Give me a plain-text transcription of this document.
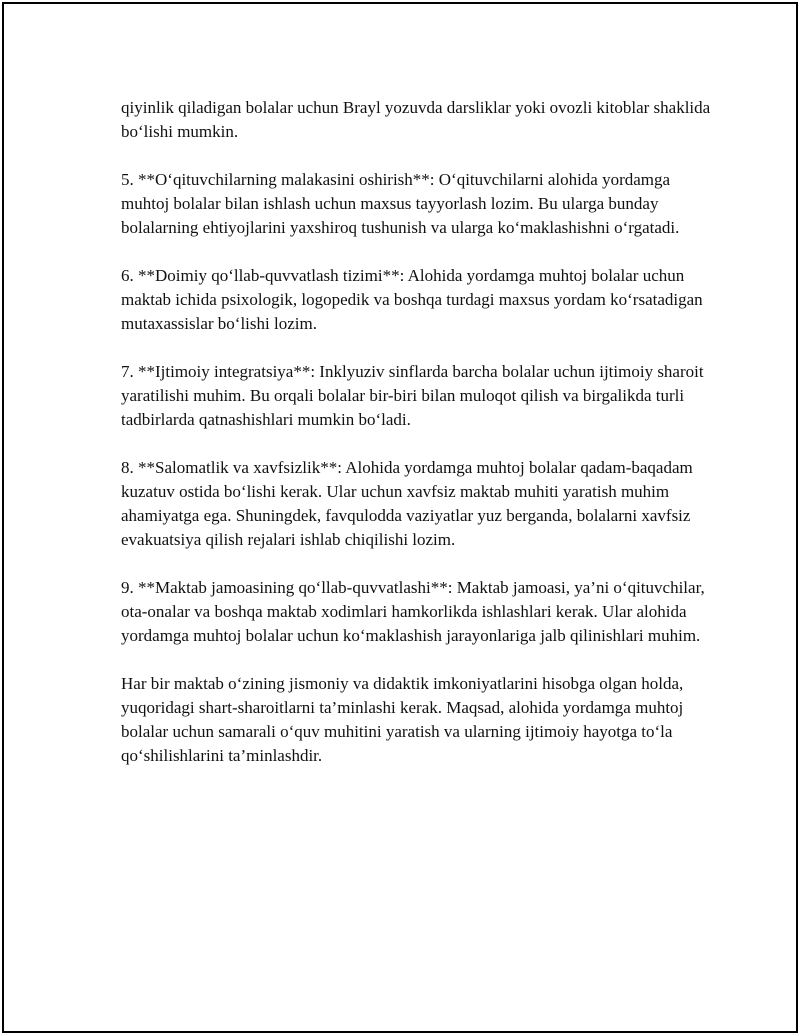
qiyinlik qiladigan bolalar uchun Brayl yozuvda darsliklar yoki ovozli kitoblar shaklida bo‘lishi mumkin.

5. **O‘qituvchilarning malakasini oshirish**: O‘qituvchilarni alohida yordamga muhtoj bolalar bilan ishlash uchun maxsus tayyorlash lozim. Bu ularga bunday bolalarning ehtiyojlarini yaxshiroq tushunish va ularga ko‘maklashishni o‘rgatadi.

6. **Doimiy qo‘llab-quvvatlash tizimi**: Alohida yordamga muhtoj bolalar uchun maktab ichida psixologik, logopedik va boshqa turdagi maxsus yordam ko‘rsatadigan mutaxassislar bo‘lishi lozim.

7. **Ijtimoiy integratsiya**: Inklyuziv sinflarda barcha bolalar uchun ijtimoiy sharoit yaratilishi muhim. Bu orqali bolalar bir-biri bilan muloqot qilish va birgalikda turli tadbirlarda qatnashishlari mumkin bo‘ladi.

8. **Salomatlik va xavfsizlik**: Alohida yordamga muhtoj bolalar qadam-baqadam kuzatuv ostida bo‘lishi kerak. Ular uchun xavfsiz maktab muhiti yaratish muhim ahamiyatga ega. Shuningdek, favqulodda vaziyatlar yuz berganda, bolalarni xavfsiz evakuatsiya qilish rejalari ishlab chiqilishi lozim.

9. **Maktab jamoasining qo‘llab-quvvatlashi**: Maktab jamoasi, ya’ni o‘qituvchilar, ota-onalar va boshqa maktab xodimlari hamkorlikda ishlashlari kerak. Ular alohida yordamga muhtoj bolalar uchun ko‘maklashish jarayonlariga jalb qilinishlari muhim.

Har bir maktab o‘zining jismoniy va didaktik imkoniyatlarini hisobga olgan holda, yuqoridagi shart-sharoitlarni ta’minlashi kerak. Maqsad, alohida yordamga muhtoj bolalar uchun samarali o‘quv muhitini yaratish va ularning ijtimoiy hayotga to‘la qo‘shilishlarini ta’minlashdir.
